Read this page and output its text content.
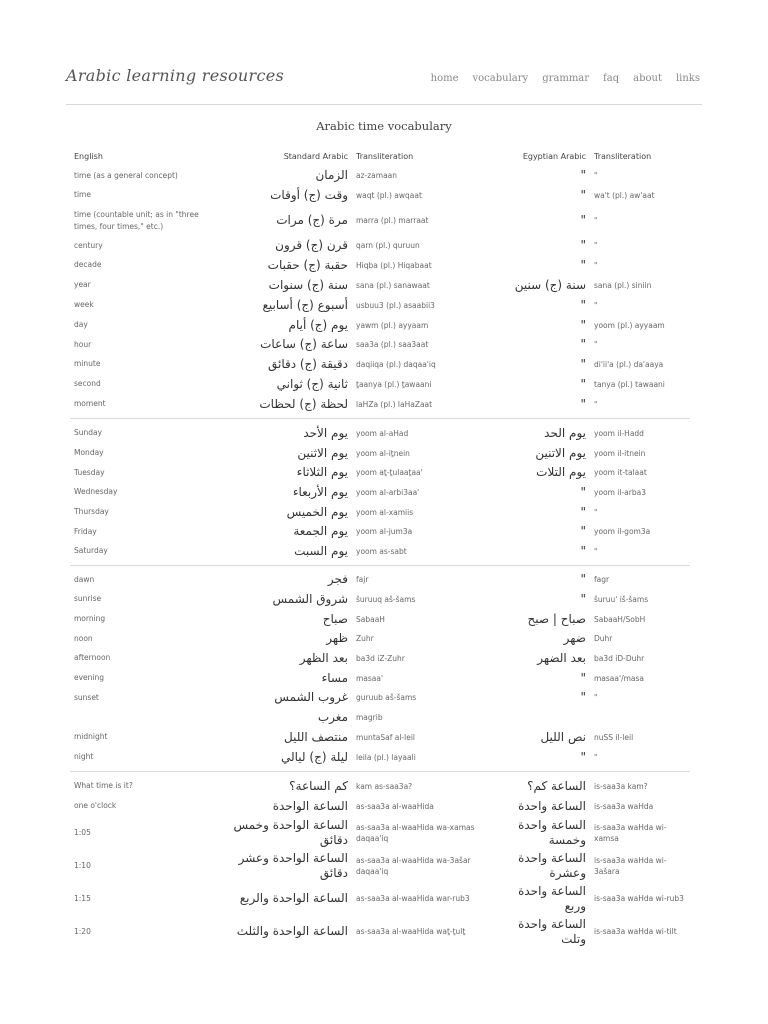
Arabic learning resources	home vocabulary grammar faq about links
Arabic time vocabulary
English	Standard Arabic	Transliteration	Egyptian Arabic	Transliteration
time (as a general concept)	الزمان	az-zamaan	"	"
time	وقت (ج) أوقات	waqt (pl.) awqaat	"	wa't (pl.) aw'aat
time (countable unit; as in "three times, four times," etc.)	مرة (ج) مرات	marra (pl.) marraat	"	"
century	قرن (ج) قرون	qarn (pl.) quruun	"	"
decade	حقبة (ج) حقبات	Hiqba (pl.) Hiqabaat	"	"
year	سنة (ج) سنوات	sana (pl.) sanawaat	سنة (ج) سنين	sana (pl.) siniin
week	أسبوع (ج) أسابيع	usbuu3 (pl.) asaabii3	"	"
day	يوم (ج) أيام	yawm (pl.) ayyaam	"	yoom (pl.) ayyaam
hour	ساعة (ج) ساعات	saa3a (pl.) saa3aat	"	"
minute	دقيقة (ج) دقائق	daqiiqa (pl.) daqaa'iq	"	di'ii'a (pl.) da'aaya
second	ثانية (ج) ثواني	ṯaanya (pl.) ṯawaani	"	tanya (pl.) tawaani
moment	لحظة (ج) لحظات	laHZa (pl.) laHaZaat	"	"

Sunday	يوم الأحد	yoom al-aHad	يوم الحد	yoom il-Hadd
Monday	يوم الاثنين	yoom al-iṯnein	يوم الاتنين	yoom il-itnein
Tuesday	يوم الثلاثاء	yoom aṯ-ṯulaaṯaa'	يوم التلات	yoom it-talaat
Wednesday	يوم الأربعاء	yoom al-arbi3aa'	"	yoom il-arba3
Thursday	يوم الخميس	yoom al-xamiis	"	"
Friday	يوم الجمعة	yoom al-jum3a	"	yoom il-gom3a
Saturday	يوم السبت	yoom as-sabt	"	"

dawn	فجر	fajr	"	fagr
sunrise	شروق الشمس	šuruuq aš-šams	"	šuruu' iš-šams
morning	صباح	SabaaH	صباح | صبح	SabaaH/SobH
noon	ظهر	Zuhr	ضهر	Duhr
afternoon	بعد الظهر	ba3d iZ-Zuhr	بعد الضهر	ba3d iD-Duhr
evening	مساء	masaa'	"	masaa'/masa
sunset	غروب الشمس	guruub aš-šams	"	"
	مغرب	magrib		
midnight	منتصف الليل	muntaSaf al-leil	نص الليل	nuSS il-leil
night	ليلة (ج) ليالي	leila (pl.) layaali	"	"

What time is it?	كم الساعة؟	kam as-saa3a?	الساعة كم؟	is-saa3a kam?
one o'clock	الساعة الواحدة	as-saa3a al-waaHida	الساعة واحدة	is-saa3a waHda
1:05	الساعة الواحدة وخمس دقائق	as-saa3a al-waaHida wa-xamas daqaa'iq	الساعة واحدة وخمسة	is-saa3a waHda wi-xamsa
1:10	الساعة الواحدة وعشر دقائق	as-saa3a al-waaHida wa-3ašar daqaa'iq	الساعة واحدة وعشرة	is-saa3a waHda wi-3ašara
1:15	الساعة الواحدة والربع	as-saa3a al-waaHida war-rub3	الساعة واحدة وربع	is-saa3a waHda wi-rub3
1:20	الساعة الواحدة والثلث	as-saa3a al-waaHida waṯ-ṯulṯ	الساعة واحدة وتلت	is-saa3a waHda wi-tilt
